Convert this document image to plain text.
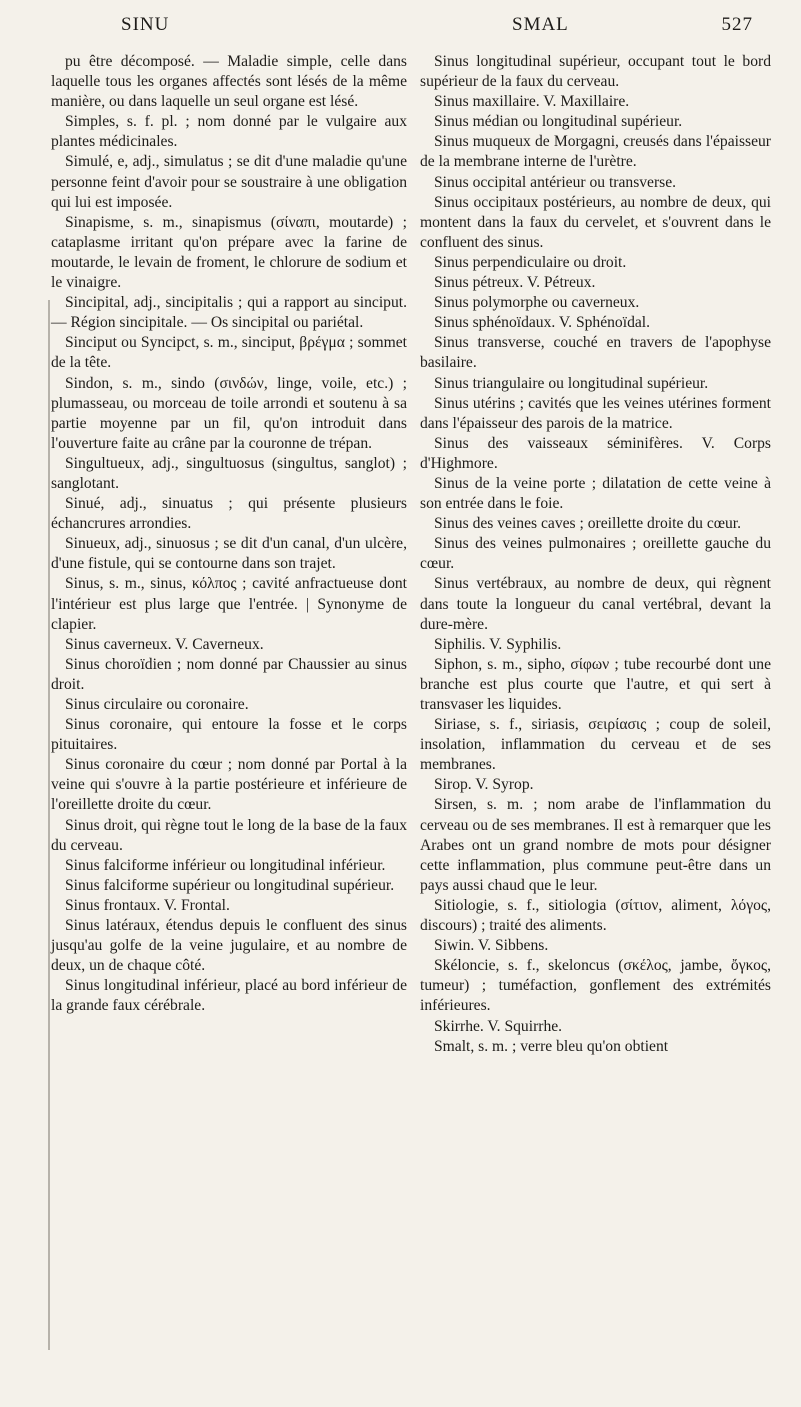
SINU	SMAL	527

pu être décomposé. — Maladie simple, celle dans laquelle tous les organes affectés sont lésés de la même manière, ou dans laquelle un seul organe est lésé.

Simples, s. f. pl. ; nom donné par le vulgaire aux plantes médicinales.

Simulé, e, adj., simulatus ; se dit d'une maladie qu'une personne feint d'avoir pour se soustraire à une obligation qui lui est imposée.

Sinapisme, s. m., sinapismus (σίναπι, moutarde) ; cataplasme irritant qu'on prépare avec la farine de moutarde, le levain de froment, le chlorure de sodium et le vinaigre.

Sincipital, adj., sincipitalis ; qui a rapport au sinciput. — Région sincipitale. — Os sincipital ou pariétal.

Sinciput ou Syncipct, s. m., sinciput, βρέγμα ; sommet de la tête.

Sindon, s. m., sindo (σινδών, linge, voile, etc.) ; plumasseau, ou morceau de toile arrondi et soutenu à sa partie moyenne par un fil, qu'on introduit dans l'ouverture faite au crâne par la couronne de trépan.

Singultueux, adj., singultuosus (singultus, sanglot) ; sanglotant.

Sinué, adj., sinuatus ; qui présente plusieurs échancrures arrondies.

Sinueux, adj., sinuosus ; se dit d'un canal, d'un ulcère, d'une fistule, qui se contourne dans son trajet.

Sinus, s. m., sinus, κόλπος ; cavité anfractueuse dont l'intérieur est plus large que l'entrée. | Synonyme de clapier.

Sinus caverneux. V. Caverneux.

Sinus choroïdien ; nom donné par Chaussier au sinus droit.

Sinus circulaire ou coronaire.

Sinus coronaire, qui entoure la fosse et le corps pituitaires.

Sinus coronaire du cœur ; nom donné par Portal à la veine qui s'ouvre à la partie postérieure et inférieure de l'oreillette droite du cœur.

Sinus droit, qui règne tout le long de la base de la faux du cerveau.

Sinus falciforme inférieur ou longitudinal inférieur.

Sinus falciforme supérieur ou longitudinal supérieur.

Sinus frontaux. V. Frontal.

Sinus latéraux, étendus depuis le confluent des sinus jusqu'au golfe de la veine jugulaire, et au nombre de deux, un de chaque côté.

Sinus longitudinal inférieur, placé au bord inférieur de la grande faux cérébrale.

Sinus longitudinal supérieur, occupant tout le bord supérieur de la faux du cerveau.

Sinus maxillaire. V. Maxillaire.

Sinus médian ou longitudinal supérieur.

Sinus muqueux de Morgagni, creusés dans l'épaisseur de la membrane interne de l'urètre.

Sinus occipital antérieur ou transverse.

Sinus occipitaux postérieurs, au nombre de deux, qui montent dans la faux du cervelet, et s'ouvrent dans le confluent des sinus.

Sinus perpendiculaire ou droit.

Sinus pétreux. V. Pétreux.

Sinus polymorphe ou caverneux.

Sinus sphénoïdaux. V. Sphénoïdal.

Sinus transverse, couché en travers de l'apophyse basilaire.

Sinus triangulaire ou longitudinal supérieur.

Sinus utérins ; cavités que les veines utérines forment dans l'épaisseur des parois de la matrice.

Sinus des vaisseaux séminifères. V. Corps d'Highmore.

Sinus de la veine porte ; dilatation de cette veine à son entrée dans le foie.

Sinus des veines caves ; oreillette droite du cœur.

Sinus des veines pulmonaires ; oreillette gauche du cœur.

Sinus vertébraux, au nombre de deux, qui règnent dans toute la longueur du canal vertébral, devant la dure-mère.

Siphilis. V. Syphilis.

Siphon, s. m., sipho, σίφων ; tube recourbé dont une branche est plus courte que l'autre, et qui sert à transvaser les liquides.

Siriase, s. f., siriasis, σειρίασις ; coup de soleil, insolation, inflammation du cerveau et de ses membranes.

Sirop. V. Syrop.

Sirsen, s. m. ; nom arabe de l'inflammation du cerveau ou de ses membranes. Il est à remarquer que les Arabes ont un grand nombre de mots pour désigner cette inflammation, plus commune peut-être dans un pays aussi chaud que le leur.

Sitiologie, s. f., sitiologia (σίτιον, aliment, λόγος, discours) ; traité des aliments.

Siwin. V. Sibbens.

Skéloncie, s. f., skeloncus (σκέλος, jambe, ὄγκος, tumeur) ; tuméfaction, gonflement des extrémités inférieures.

Skirrhe. V. Squirrhe.

Smalt, s. m. ; verre bleu qu'on obtient
